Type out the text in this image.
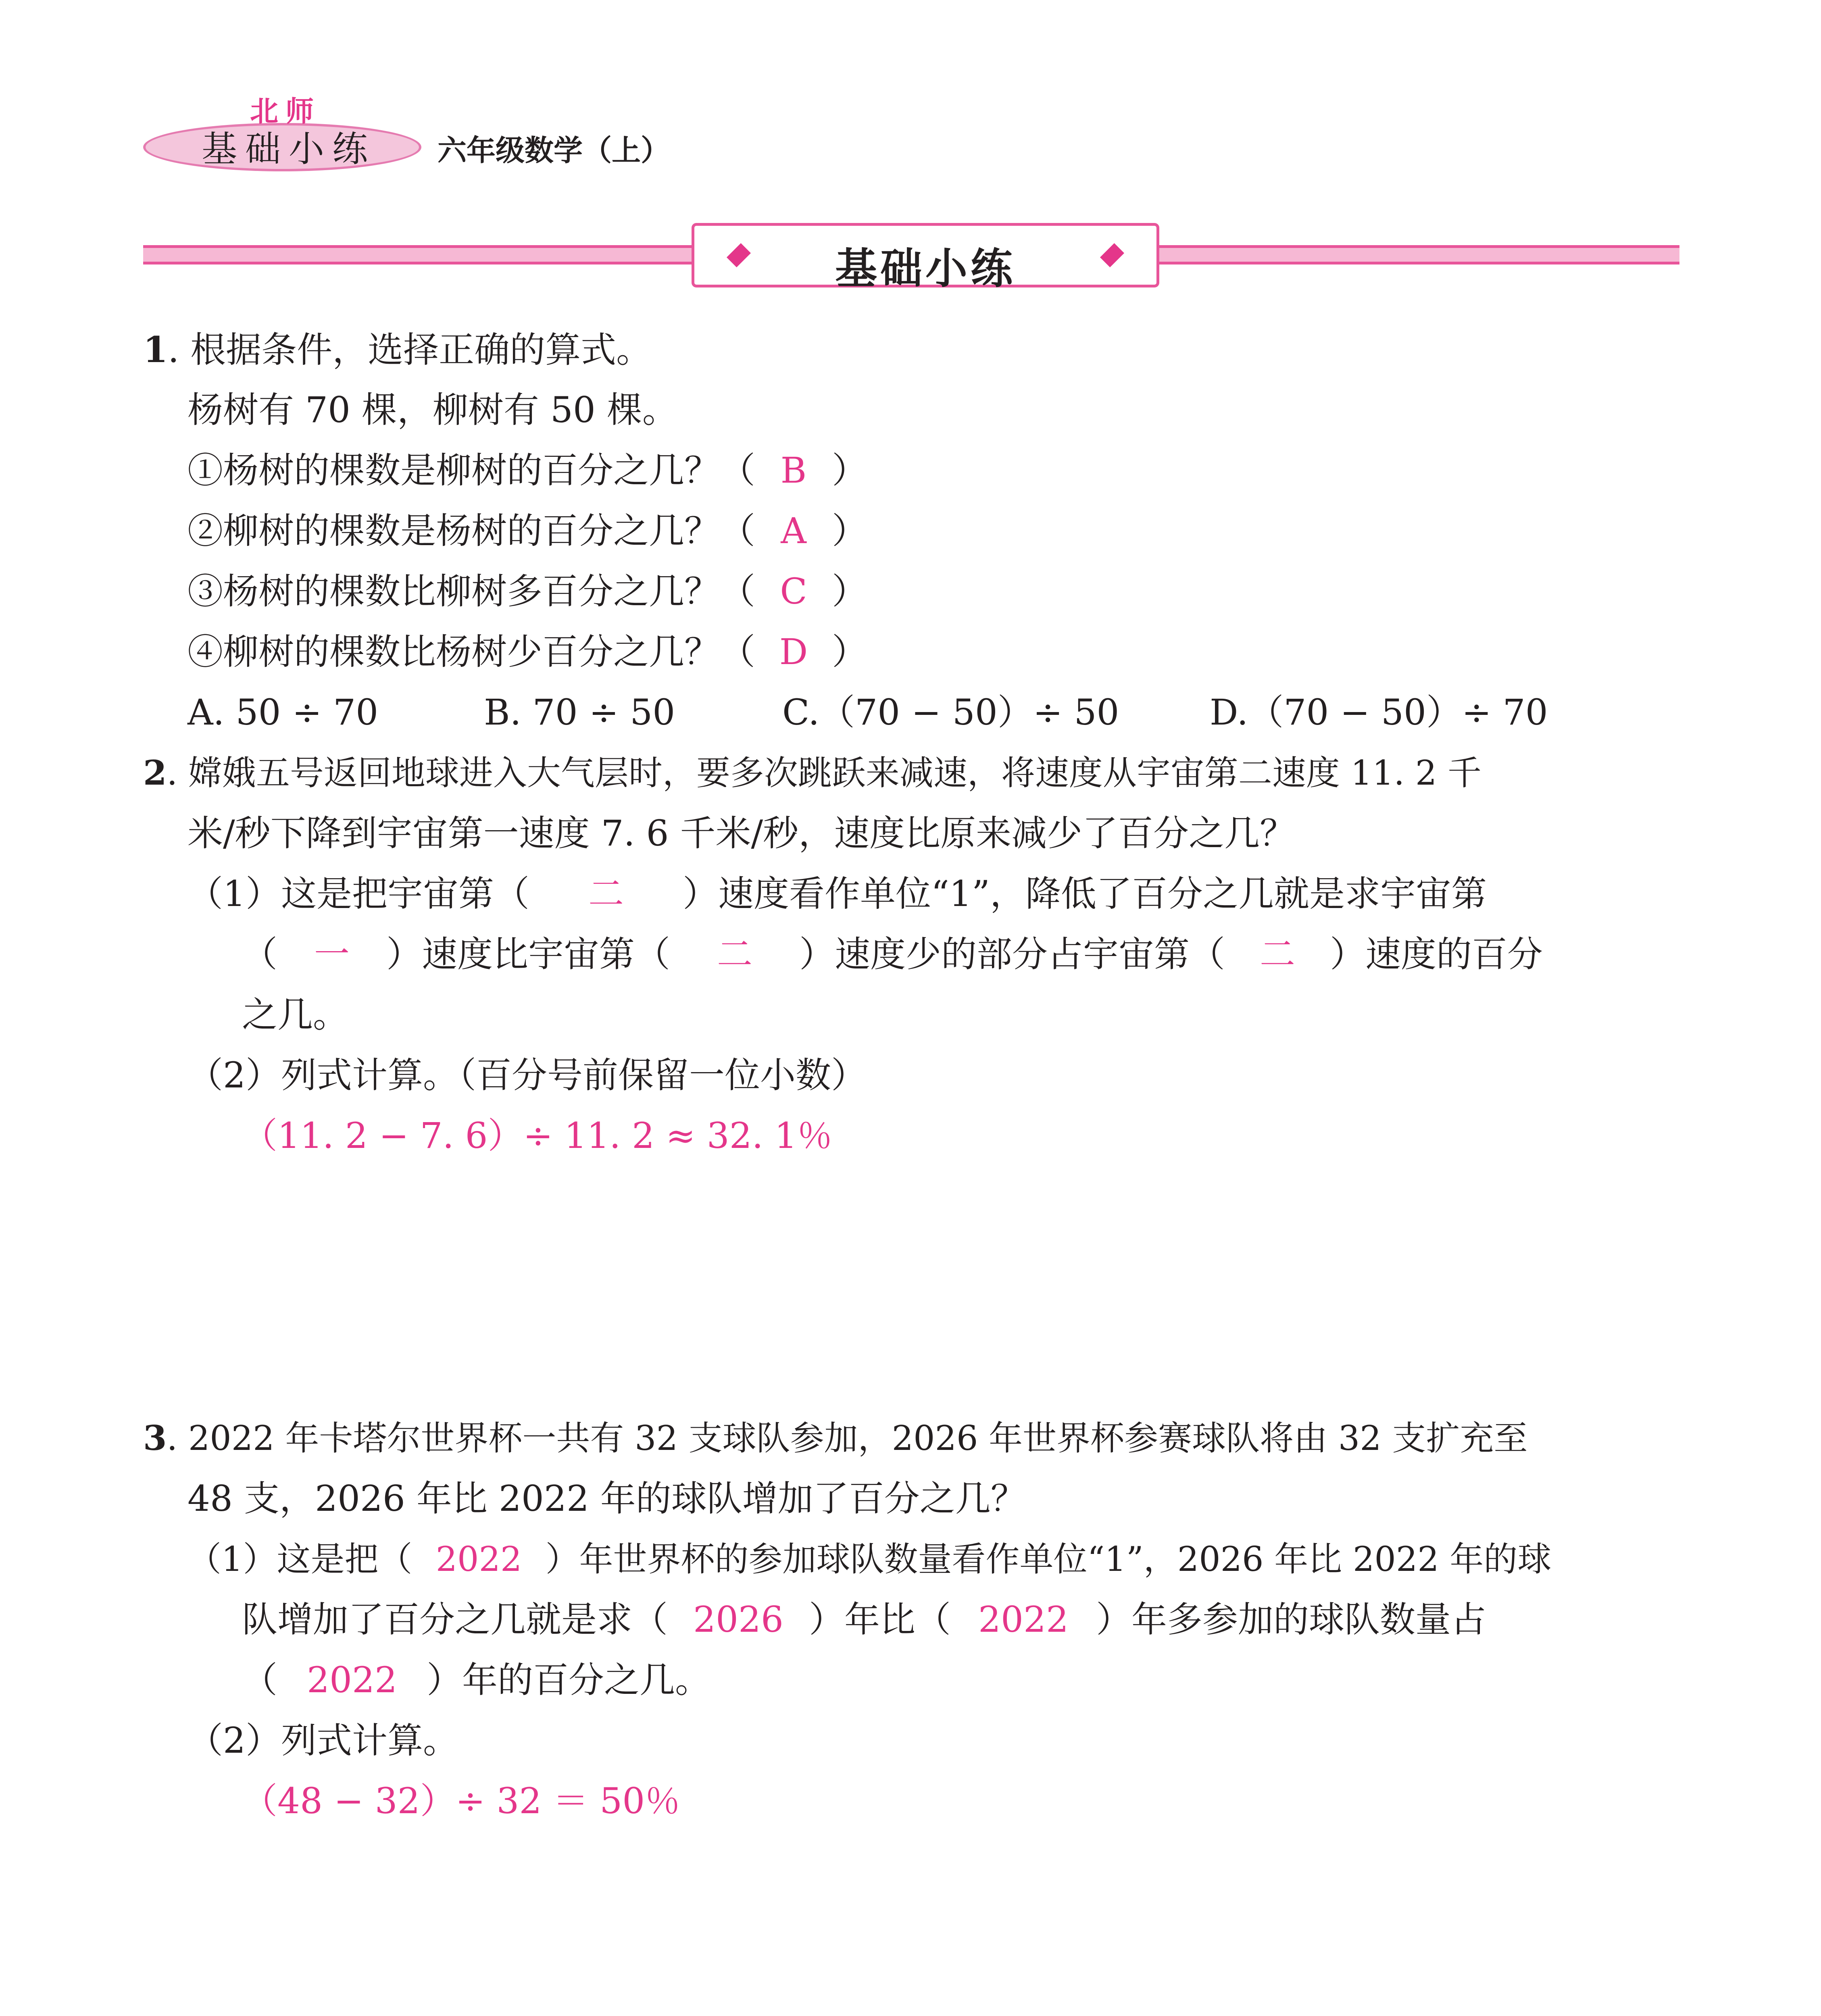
北师
基础小练 六年级数学（上）
基础小练
1. 根据条件，选择正确的算式。
杨树有 70 棵，柳树有 50 棵。
①杨树的棵数是柳树的百分之几？（ B ）
②柳树的棵数是杨树的百分之几？（ A ）
③杨树的棵数比柳树多百分之几？（ C ）
④柳树的棵数比杨树少百分之几？（ D ）
A. 50 ÷ 70	B. 70 ÷ 50	C.（70 − 50）÷ 50	D.（70 − 50）÷ 70
2. 嫦娥五号返回地球进入大气层时，要多次跳跃来减速，将速度从宇宙第二速度 11. 2 千
米/秒下降到宇宙第一速度 7. 6 千米/秒，速度比原来减少了百分之几？
（1）这是把宇宙第（ 二 ）速度看作单位“1”，降低了百分之几就是求宇宙第
（ 一 ）速度比宇宙第（ 二 ）速度少的部分占宇宙第（ 二 ）速度的百分
之几。
（2）列式计算。（百分号前保留一位小数）
（11. 2 − 7. 6）÷ 11. 2 ≈ 32. 1％
3. 2022 年卡塔尔世界杯一共有 32 支球队参加，2026 年世界杯参赛球队将由 32 支扩充至
48 支，2026 年比 2022 年的球队增加了百分之几？
（1）这是把（ 2022 ）年世界杯的参加球队数量看作单位“1”，2026 年比 2022 年的球
队增加了百分之几就是求（ 2026 ）年比（ 2022 ）年多参加的球队数量占
（ 2022 ）年的百分之几。
（2）列式计算。
（48 − 32）÷ 32 ＝ 50％
